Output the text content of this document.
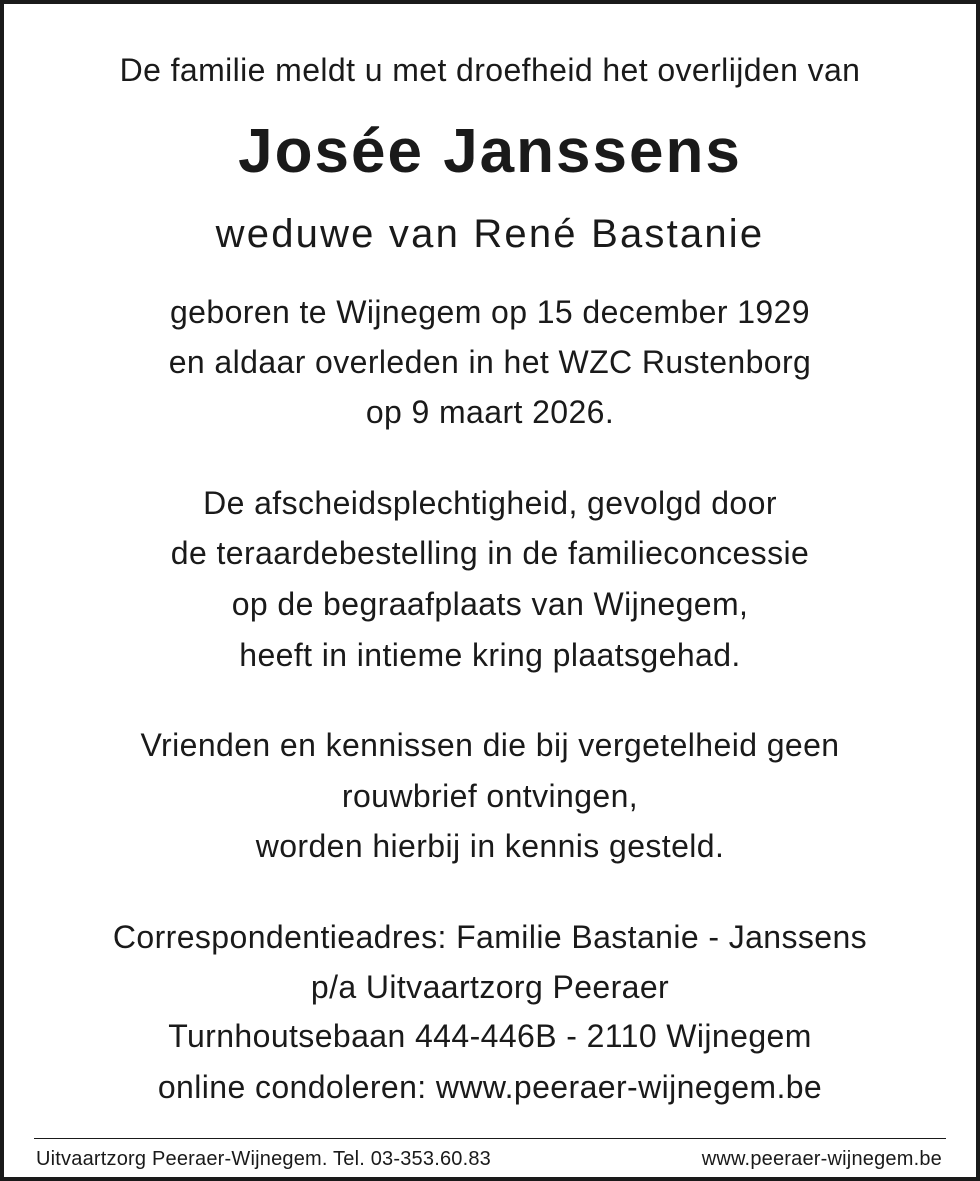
De familie meldt u met droefheid het overlijden van
Josée Janssens
weduwe van René Bastanie
geboren te Wijnegem op 15 december 1929
en aldaar overleden in het WZC Rustenborg
op 9 maart 2026.
De afscheidsplechtigheid, gevolgd door
de teraardebestelling in de familieconcessie
op de begraafplaats van Wijnegem,
heeft in intieme kring plaatsgehad.
Vrienden en kennissen die bij vergetelheid geen
rouwbrief ontvingen,
worden hierbij in kennis gesteld.
Correspondentieadres: Familie Bastanie - Janssens
p/a Uitvaartzorg Peeraer
Turnhoutsebaan 444-446B - 2110 Wijnegem
online condoleren: www.peeraer-wijnegem.be
Uitvaartzorg Peeraer-Wijnegem. Tel. 03-353.60.83	www.peeraer-wijnegem.be
